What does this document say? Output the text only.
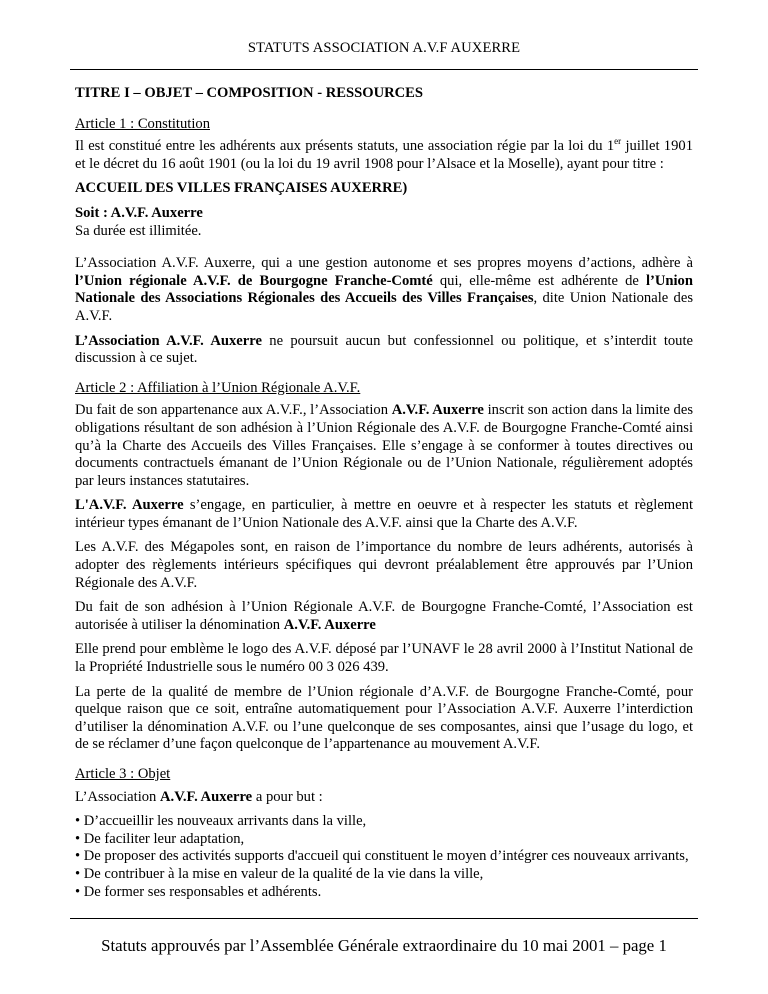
STATUTS ASSOCIATION A.V.F AUXERRE

TITRE I – OBJET – COMPOSITION - RESSOURCES

Article 1 : Constitution

Il est constitué entre les adhérents aux présents statuts, une association régie par la loi du 1er juillet 1901 et le décret du 16 août 1901 (ou la loi du 19 avril 1908 pour l’Alsace et la Moselle), ayant pour titre :

ACCUEIL DES VILLES FRANÇAISES AUXERRE)

Soit : A.V.F. Auxerre

Sa durée est illimitée.

L’Association A.V.F. Auxerre, qui a une gestion autonome et ses propres moyens d’actions, adhère à l’Union régionale A.V.F. de Bourgogne Franche-Comté qui, elle-même est adhérente de l’Union Nationale des Associations Régionales des Accueils des Villes Françaises, dite Union Nationale des A.V.F.

L’Association A.V.F. Auxerre ne poursuit aucun but confessionnel ou politique, et s’interdit toute discussion à ce sujet.

Article 2 : Affiliation à l’Union Régionale A.V.F.

Du fait de son appartenance aux A.V.F., l’Association A.V.F. Auxerre inscrit son action dans la limite des obligations résultant de son adhésion à l’Union Régionale des A.V.F. de Bourgogne Franche-Comté ainsi qu’à la Charte des Accueils des Villes Françaises. Elle s’engage à se conformer à toutes directives ou documents contractuels émanant de l’Union Régionale ou de l’Union Nationale, régulièrement adoptés par leurs instances statutaires.

L'A.V.F. Auxerre s’engage, en particulier, à mettre en oeuvre et à respecter les statuts et règlement intérieur types émanant de l’Union Nationale des A.V.F. ainsi que la Charte des A.V.F.

Les A.V.F. des Mégapoles sont, en raison de l’importance du nombre de leurs adhérents, autorisés à adopter des règlements intérieurs spécifiques qui devront préalablement être approuvés par l’Union Régionale des A.V.F.

Du fait de son adhésion à l’Union Régionale A.V.F. de Bourgogne Franche-Comté, l’Association est autorisée à utiliser la dénomination A.V.F. Auxerre

Elle prend pour emblème le logo des A.V.F. déposé par l’UNAVF le 28 avril 2000 à l’Institut National de la Propriété Industrielle sous le numéro 00 3 026 439.

La perte de la qualité de membre de l’Union régionale d’A.V.F. de Bourgogne Franche-Comté, pour quelque raison que ce soit, entraîne automatiquement pour l’Association A.V.F. Auxerre l’interdiction d’utiliser la dénomination A.V.F. ou l’une quelconque de ses composantes, ainsi que l’usage du logo, et de se réclamer d’une façon quelconque de l’appartenance au mouvement A.V.F.

Article 3 : Objet

L’Association A.V.F. Auxerre a pour but :

• D’accueillir les nouveaux arrivants dans la ville,
• De faciliter leur adaptation,
• De proposer des activités supports d'accueil qui constituent le moyen d’intégrer ces nouveaux arrivants,
• De contribuer à la mise en valeur de la qualité de la vie dans la ville,
• De former ses responsables et adhérents.
Statuts approuvés par l’Assemblée Générale extraordinaire du 10 mai 2001 – page 1
